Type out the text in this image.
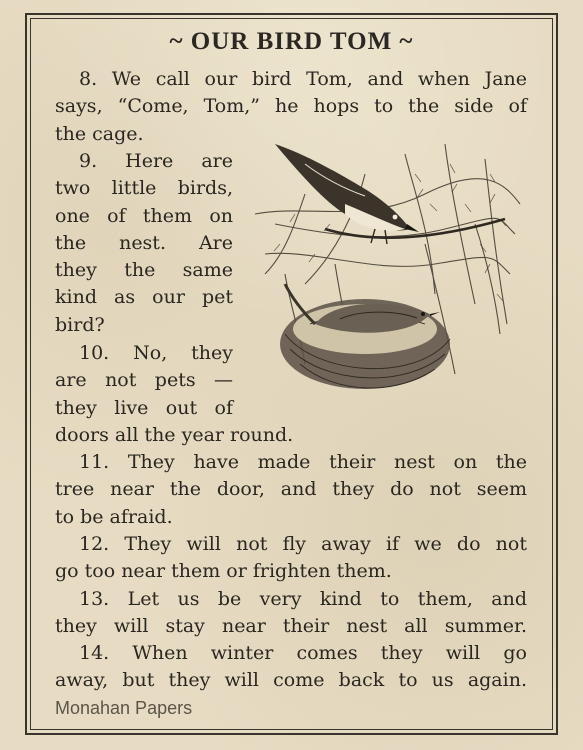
~ OUR BIRD TOM ~
8. We call our bird Tom, and when Jane
says, “Come, Tom,” he hops to the side of
the cage.
9. Here are
two little birds,
one of them on
the nest. Are
they the same
kind as our pet
bird?
10. No, they
are not pets —
they live out of
doors all the year round.
11. They have made their nest on the
tree near the door, and they do not seem
to be afraid.
12. They will not fly away if we do not
go too near them or frighten them.
13. Let us be very kind to them, and
they will stay near their nest all summer.
14. When winter comes they will go
away, but they will come back to us again.
Monahan Papers
